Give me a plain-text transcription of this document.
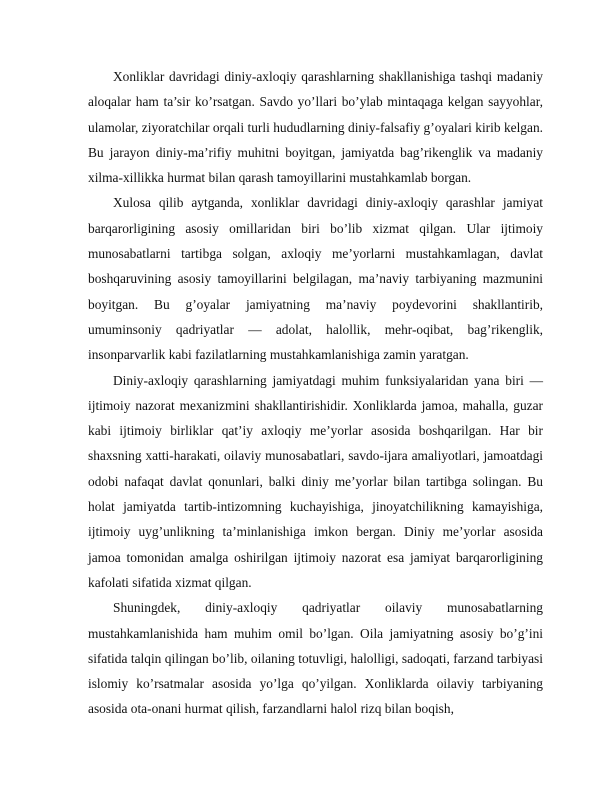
Xonliklar davridagi diniy-axloqiy qarashlarning shakllanishiga tashqi madaniy aloqalar ham ta’sir ko’rsatgan. Savdo yo’llari bo’ylab mintaqaga kelgan sayyohlar, ulamolar, ziyoratchilar orqali turli hududlarning diniy-falsafiy g’oyalari kirib kelgan. Bu jarayon diniy-ma’rifiy muhitni boyitgan, jamiyatda bag’rikenglik va madaniy xilma-xillikka hurmat bilan qarash tamoyillarini mustahkamlab borgan.

Xulosa qilib aytganda, xonliklar davridagi diniy-axloqiy qarashlar jamiyat barqarorligining asosiy omillaridan biri bo’lib xizmat qilgan. Ular ijtimoiy munosabatlarni tartibga solgan, axloqiy me’yorlarni mustahkamlagan, davlat boshqaruvining asosiy tamoyillarini belgilagan, ma’naviy tarbiyaning mazmunini boyitgan. Bu g’oyalar jamiyatning ma’naviy poydevorini shakllantirib, umuminsoniy qadriyatlar — adolat, halollik, mehr-oqibat, bag’rikenglik, insonparvarlik kabi fazilatlarning mustahkamlanishiga zamin yaratgan.

Diniy-axloqiy qarashlarning jamiyatdagi muhim funksiyalaridan yana biri — ijtimoiy nazorat mexanizmini shakllantirishidir. Xonliklarda jamoa, mahalla, guzar kabi ijtimoiy birliklar qat’iy axloqiy me’yorlar asosida boshqarilgan. Har bir shaxsning xatti-harakati, oilaviy munosabatlari, savdo-ijara amaliyotlari, jamoatdagi odobi nafaqat davlat qonunlari, balki diniy me’yorlar bilan tartibga solingan. Bu holat jamiyatda tartib-intizomning kuchayishiga, jinoyatchilikning kamayishiga, ijtimoiy uyg’unlikning ta’minlanishiga imkon bergan. Diniy me’yorlar asosida jamoa tomonidan amalga oshirilgan ijtimoiy nazorat esa jamiyat barqarorligining kafolati sifatida xizmat qilgan.

Shuningdek, diniy-axloqiy qadriyatlar oilaviy munosabatlarning mustahkamlanishida ham muhim omil bo’lgan. Oila jamiyatning asosiy bo’g’ini sifatida talqin qilingan bo’lib, oilaning totuvligi, halolligi, sadoqati, farzand tarbiyasi islomiy ko’rsatmalar asosida yo’lga qo’yilgan. Xonliklarda oilaviy tarbiyaning asosida ota-onani hurmat qilish, farzandlarni halol rizq bilan boqish,
